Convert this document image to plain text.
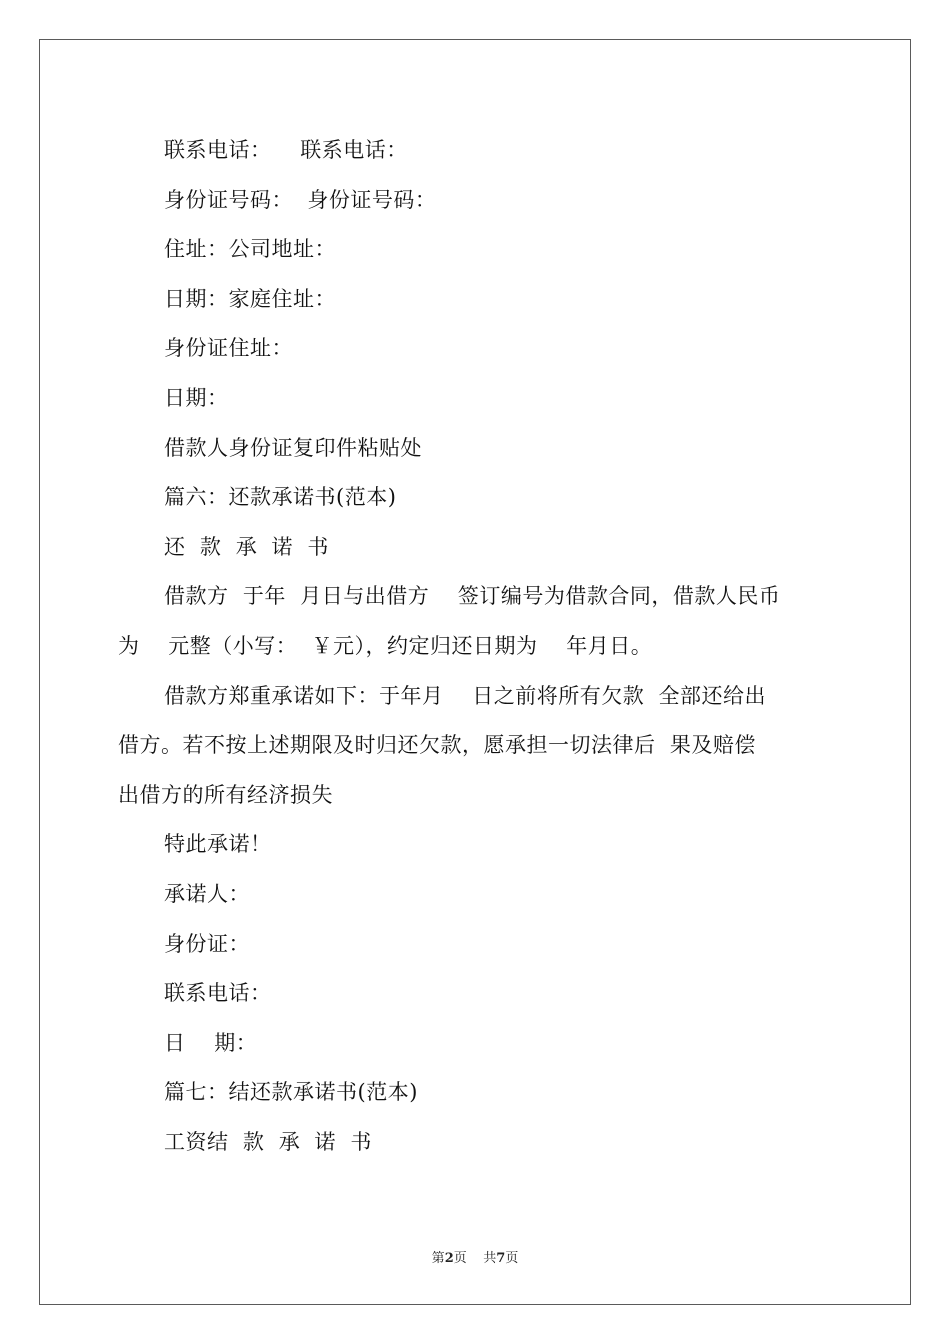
联系电话：    联系电话：
身份证号码：  身份证号码：
住址：公司地址：
日期：家庭住址：
身份证住址：
日期：
借款人身份证复印件粘贴处
篇六：还款承诺书(范本)
还  款  承  诺  书
借款方  于年  月日与出借方    签订编号为借款合同，借款人民币
为    元整（小写：  ￥元），约定归还日期为    年月日。
借款方郑重承诺如下：于年月    日之前将所有欠款  全部还给出
借方。若不按上述期限及时归还欠款，愿承担一切法律后  果及赔偿
出借方的所有经济损失
特此承诺！
承诺人：
身份证：
联系电话：
日    期：
篇七：结还款承诺书(范本)
工资结  款  承  诺  书
第2页    共7页
